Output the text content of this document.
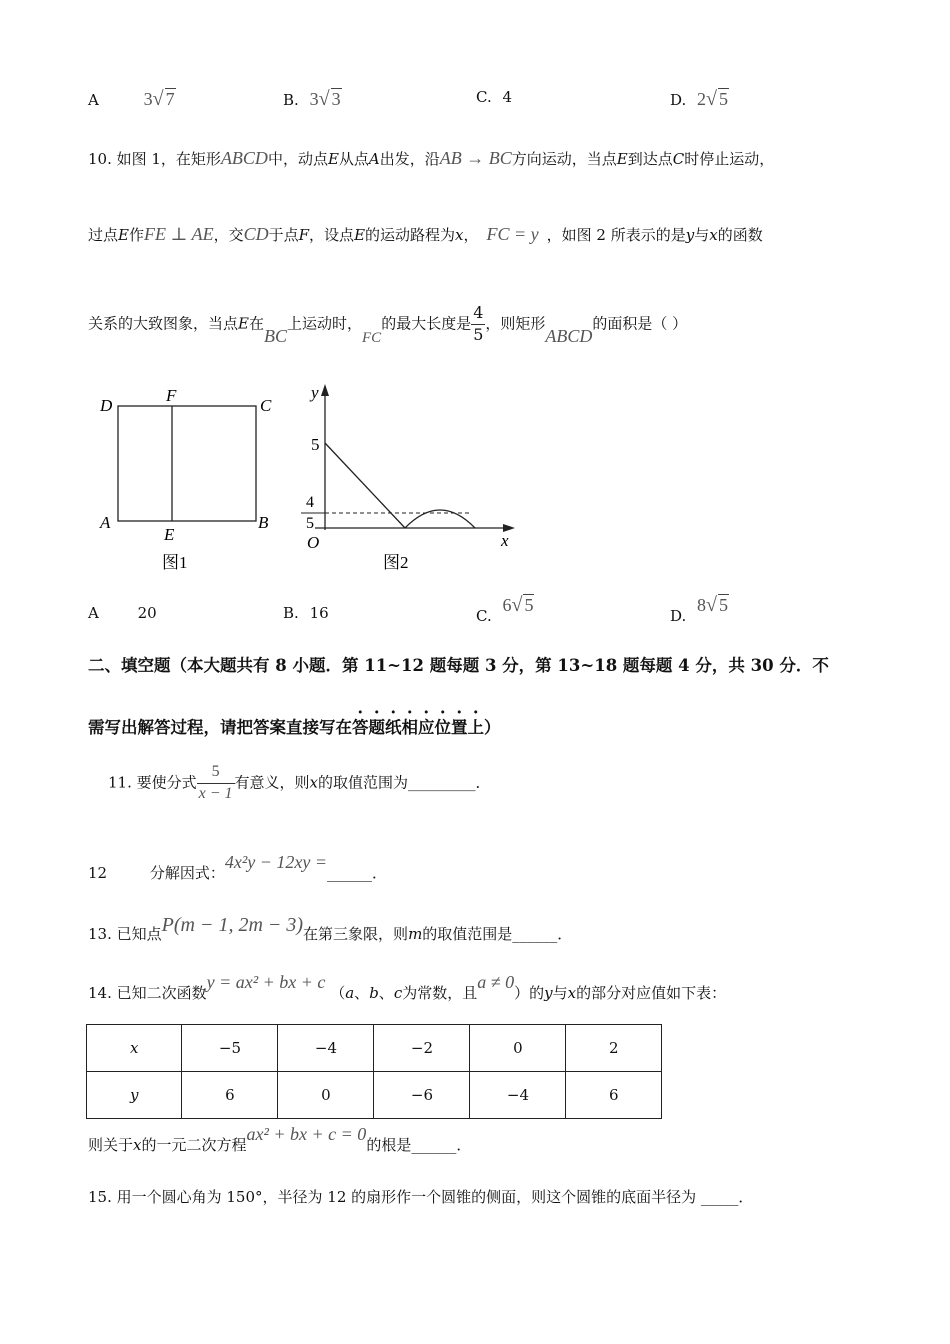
A 3√ 7	B. 3√ 3	C. 4	D. 2√ 5
10. 如图 1，在矩形ABCD中，动点E从点A出发，沿AB → BC方向运动，当点E到达点C时停止运动，
过点E作FE ⊥ AE，交CD于点F，设点E的运动路程为x， FC = y ，如图 2 所表示的是y与x的函数
关系的大致图象，当点E在BC上运动时，FC的最大长度是 $\frac{4}{5}$ ，则矩形ABCD的面积是（ ）
D
F
C
A
E
B
图1
y
x
O
5
4
5
图2
A	20	B. 16	C. 6√ 5
D. 8√ 5
二、填空题（本大题共有 8 小题．第 11~12 题每题 3 分，第 13~18 题每题 4 分，共 30 分．不
需写出解答过程，请把答案直接写在答题纸相应位置上）
11. 要使分式 $\frac{5}{x - 1}$ 有意义，则x的取值范围为_________．
12	分解因式：4x²y − 12xy =______．
13. 已知点P(m − 1, 2m − 3)在第三象限，则m的取值范围是______．
14. 已知二次函数y = ax² + bx + c （a、b、c为常数，且a ≠ 0）的y与x的部分对应值如下表：
x	−5	−4	−2	0	2
y	6	0	−6	−4	6
则关于x的一元二次方程ax² + bx + c = 0的根是______．
15. 用一个圆心角为 150°，半径为 12 的扇形作一个圆锥的侧面，则这个圆锥的底面半径为 _____．
